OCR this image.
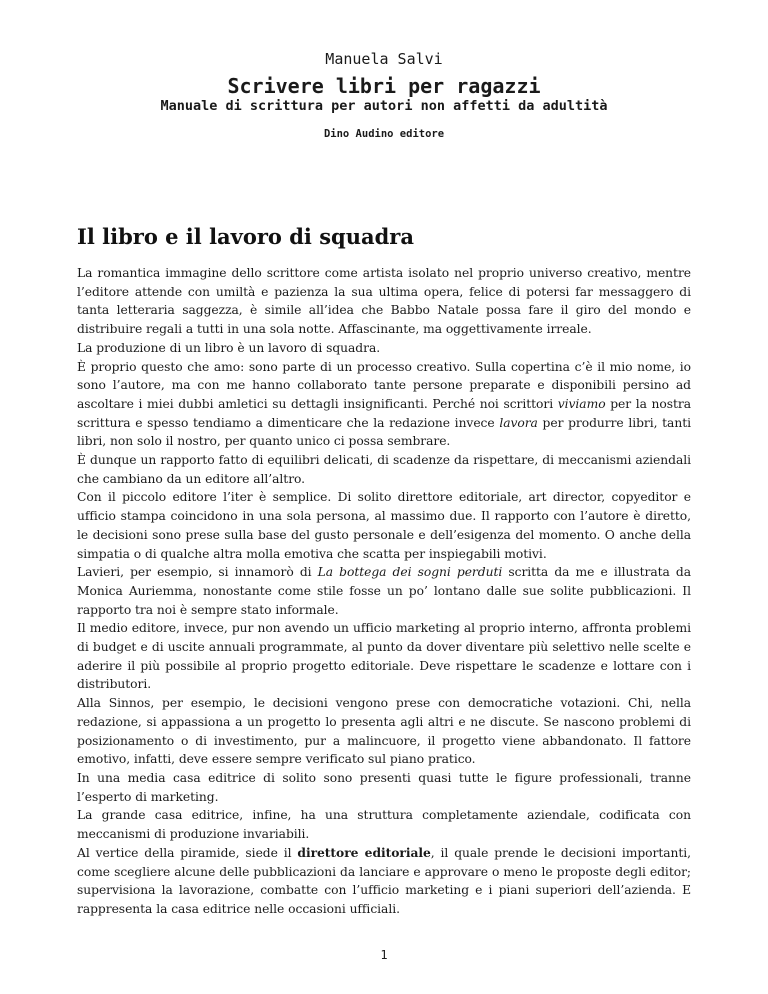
Manuela Salvi
Scrivere libri per ragazzi
Manuale di scrittura per autori non affetti da adultità
Dino Audino editore
Il libro e il lavoro di squadra

La romantica immagine dello scrittore come artista isolato nel proprio universo creativo, mentre l’editore attende con umiltà e pazienza la sua ultima opera, felice di potersi far messaggero di tanta letteraria saggezza, è simile all’idea che Babbo Natale possa fare il giro del mondo e distribuire regali a tutti in una sola notte. Affascinante, ma oggettivamente irreale.

La produzione di un libro è un lavoro di squadra.

È proprio questo che amo: sono parte di un processo creativo. Sulla copertina c’è il mio nome, io sono l’autore, ma con me hanno collaborato tante persone preparate e disponibili persino ad ascoltare i miei dubbi amletici su dettagli insignificanti. Perché noi scrittori viviamo per la nostra scrittura e spesso tendiamo a dimenticare che la redazione invece lavora per produrre libri, tanti libri, non solo il nostro, per quanto unico ci possa sembrare.

È dunque un rapporto fatto di equilibri delicati, di scadenze da rispettare, di meccanismi aziendali che cambiano da un editore all’altro.

Con il piccolo editore l’iter è semplice. Di solito direttore editoriale, art director, copyeditor e ufficio stampa coincidono in una sola persona, al massimo due. Il rapporto con l’autore è diretto, le decisioni sono prese sulla base del gusto personale e dell’esigenza del momento. O anche della simpatia o di qualche altra molla emotiva che scatta per inspiegabili motivi.

Lavieri, per esempio, si innamorò di La bottega dei sogni perduti scritta da me e illustrata da Monica Auriemma, nonostante come stile fosse un po’ lontano dalle sue solite pubblicazioni. Il rapporto tra noi è sempre stato informale.

Il medio editore, invece, pur non avendo un ufficio marketing al proprio interno, affronta problemi di budget e di uscite annuali programmate, al punto da dover diventare più selettivo nelle scelte e aderire il più possibile al proprio progetto editoriale. Deve rispettare le scadenze e lottare con i distributori.

Alla Sinnos, per esempio, le decisioni vengono prese con democratiche votazioni. Chi, nella redazione, si appassiona a un progetto lo presenta agli altri e ne discute. Se nascono problemi di posizionamento o di investimento, pur a malincuore, il progetto viene abbandonato. Il fattore emotivo, infatti, deve essere sempre verificato sul piano pratico.

In una media casa editrice di solito sono presenti quasi tutte le figure professionali, tranne l’esperto di marketing.

La grande casa editrice, infine, ha una struttura completamente aziendale, codificata con meccanismi di produzione invariabili.

Al vertice della piramide, siede il direttore editoriale, il quale prende le decisioni importanti, come scegliere alcune delle pubblicazioni da lanciare e approvare o meno le proposte degli editor; supervisiona la lavorazione, combatte con l’ufficio marketing e i piani superiori dell’azienda. E rappresenta la casa editrice nelle occasioni ufficiali.

1
